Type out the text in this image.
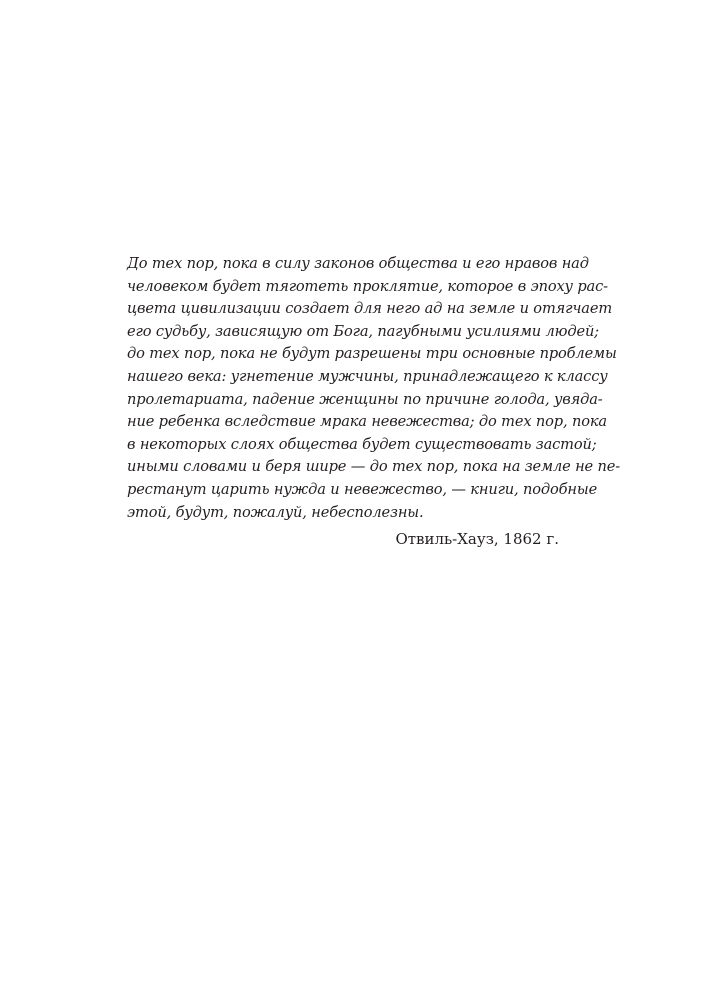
До тех пор, пока в силу законов общества и его нравов над
человеком будет тяготеть проклятие, которое в эпоху рас-
цвета цивилизации создает для него ад на земле и отягчает
его судьбу, зависящую от Бога, пагубными усилиями людей;
до тех пор, пока не будут разрешены три основные проблемы
нашего века: угнетение мужчины, принадлежащего к классу
пролетариата, падение женщины по причине голода, увяда-
ние ребенка вследствие мрака невежества; до тех пор, пока
в некоторых слоях общества будет существовать застой;
иными словами и беря шире — до тех пор, пока на земле не пе-
рестанут царить нужда и невежество, — книги, подобные
этой, будут, пожалуй, небесполезны.
Отвиль-Хауз, 1862 г.
